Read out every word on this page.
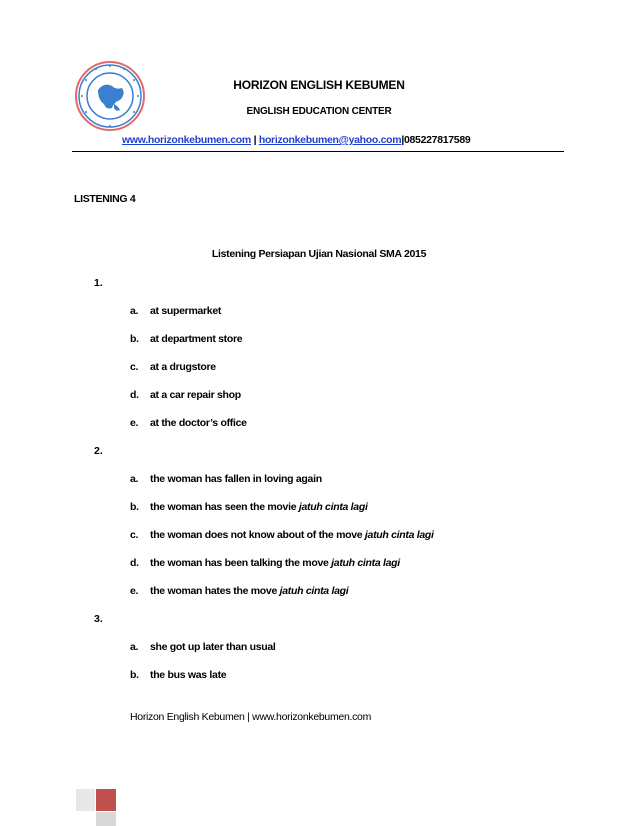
HORIZON ENGLISH KEBUMEN
ENGLISH EDUCATION CENTER
www.horizonkebumen.com | horizonkebumen@yahoo.com|085227817589
LISTENING 4
Listening Persiapan Ujian Nasional SMA 2015
1.
a. at supermarket
b. at department store
c. at a drugstore
d. at a car repair shop
e. at the doctor’s office
2.
a. the woman has fallen in loving again
b. the woman has seen the movie jatuh cinta lagi
c. the woman does not know about of the move jatuh cinta lagi
d. the woman has been talking the move jatuh cinta lagi
e. the woman hates the move jatuh cinta lagi
3.
a. she got up later than usual
b. the bus was late
Horizon English Kebumen | www.horizonkebumen.com
